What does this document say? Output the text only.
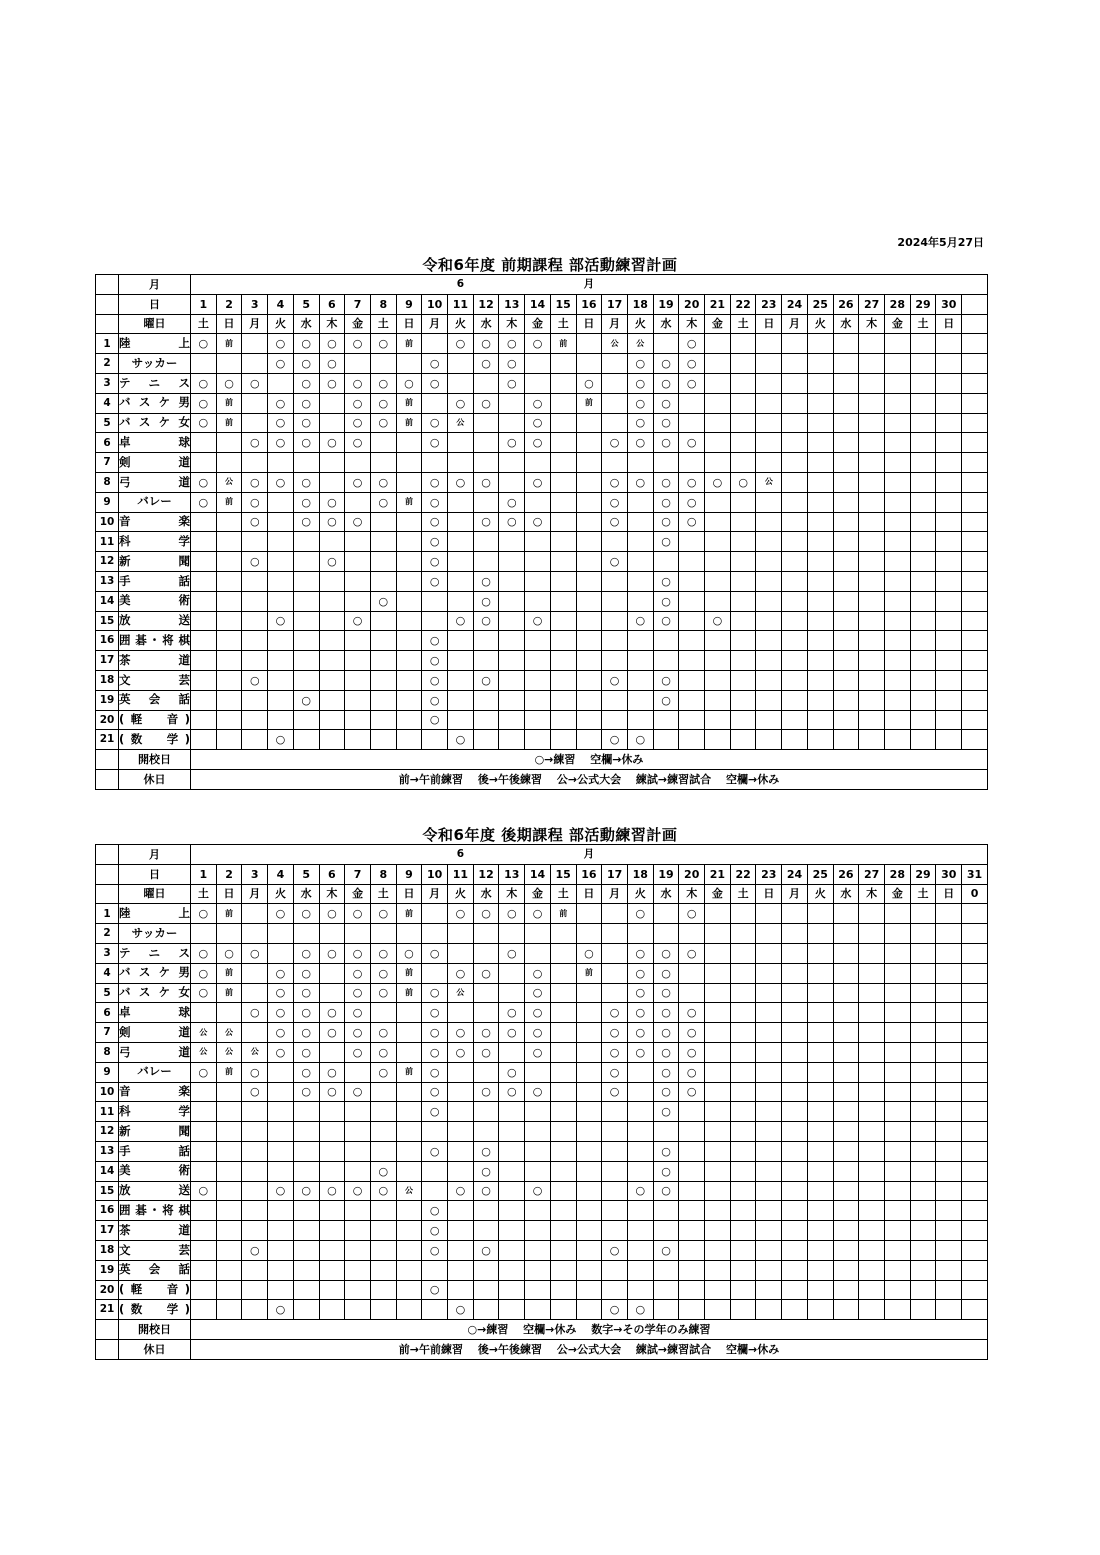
2024年5月27日
令和6年度 前期課程 部活動練習計画
	月											6					月															
	日	1	2	3	4	5	6	7	8	9	10	11	12	13	14	15	16	17	18	19	20	21	22	23	24	25	26	27	28	29	30	
	曜日	土	日	月	火	水	木	金	土	日	月	火	水	木	金	土	日	月	火	水	木	金	土	日	月	火	水	木	金	土	日	
1	陸　上	○	前		○	○	○	○	○	前		○	○	○	○	前		公	公		○											
2	サッカー				○	○	○				○		○	○					○	○	○											
3	テニス	○	○	○		○	○	○	○	○	○			○			○		○	○	○											
4	バスケ男	○	前		○	○		○	○	前		○	○		○		前		○	○												
5	バスケ女	○	前		○	○		○	○	前	○	公			○				○	○												
6	卓　球			○	○	○	○	○			○			○	○			○	○	○	○											
7	剣　道																															

8	弓　道	○	公	○	○	○		○	○		○	○	○		○			○	○	○	○	○	○	公								
9	バレー	○	前	○		○	○		○	前	○			○				○		○	○											
10	音　楽			○		○	○	○			○		○	○	○			○		○	○											
11	科　学										○									○												
12	新　聞			○			○				○							○														
13	手　話										○		○							○												
14	美　術								○				○							○												
15	放　送				○			○				○	○		○				○	○		○										
16	囲碁･将棋										○																					
17	茶　道										○																					
18	文　芸			○							○		○					○		○												
19	英会話					○					○									○												
20	(軽　音)										○																					
21	(数　学)				○							○						○	○													
	開校日	○→練習　 空欄→休み																														
	休日	前→午前練習　 後→午後練習　 公→公式大会　 練試→練習試合　 空欄→休み																														
令和6年度 後期課程 部活動練習計画
	月											6					月															
	日	1	2	3	4	5	6	7	8	9	10	11	12	13	14	15	16	17	18	19	20	21	22	23	24	25	26	27	28	29	30	31
	曜日	土	日	月	火	水	木	金	土	日	月	火	水	木	金	土	日	月	火	水	木	金	土	日	月	火	水	木	金	土	日	0
1	陸　上	○	前		○	○	○	○	○	前		○	○	○	○	前			○		○											
2	サッカー																															

3	テニス	○	○	○		○	○	○	○	○	○			○			○		○	○	○											
4	バスケ男	○	前		○	○		○	○	前		○	○		○		前		○	○												
5	バスケ女	○	前		○	○		○	○	前	○	公			○				○	○												
6	卓　球			○	○	○	○	○			○			○	○			○	○	○	○											
7	剣　道	公	公		○	○	○	○	○		○	○	○	○	○			○	○	○	○											
8	弓　道	公	公	公	○	○		○	○		○	○	○		○			○	○	○	○											
9	バレー	○	前	○		○	○		○	前	○			○				○		○	○											
10	音　楽			○		○	○	○			○		○	○	○			○		○	○											
11	科　学										○									○												
12	新　聞																															

13	手　話										○		○							○												
14	美　術								○				○							○												
15	放　送	○			○	○	○	○	○	公		○	○		○				○	○												
16	囲碁･将棋										○																					
17	茶　道										○																					
18	文　芸			○							○		○					○		○												
19	英会話																															

20	(軽　音)										○																					
21	(数　学)				○							○						○	○													
	開校日	○→練習　 空欄→休み　 数字→その学年のみ練習																														
	休日	前→午前練習　 後→午後練習　 公→公式大会　 練試→練習試合　 空欄→休み																														
